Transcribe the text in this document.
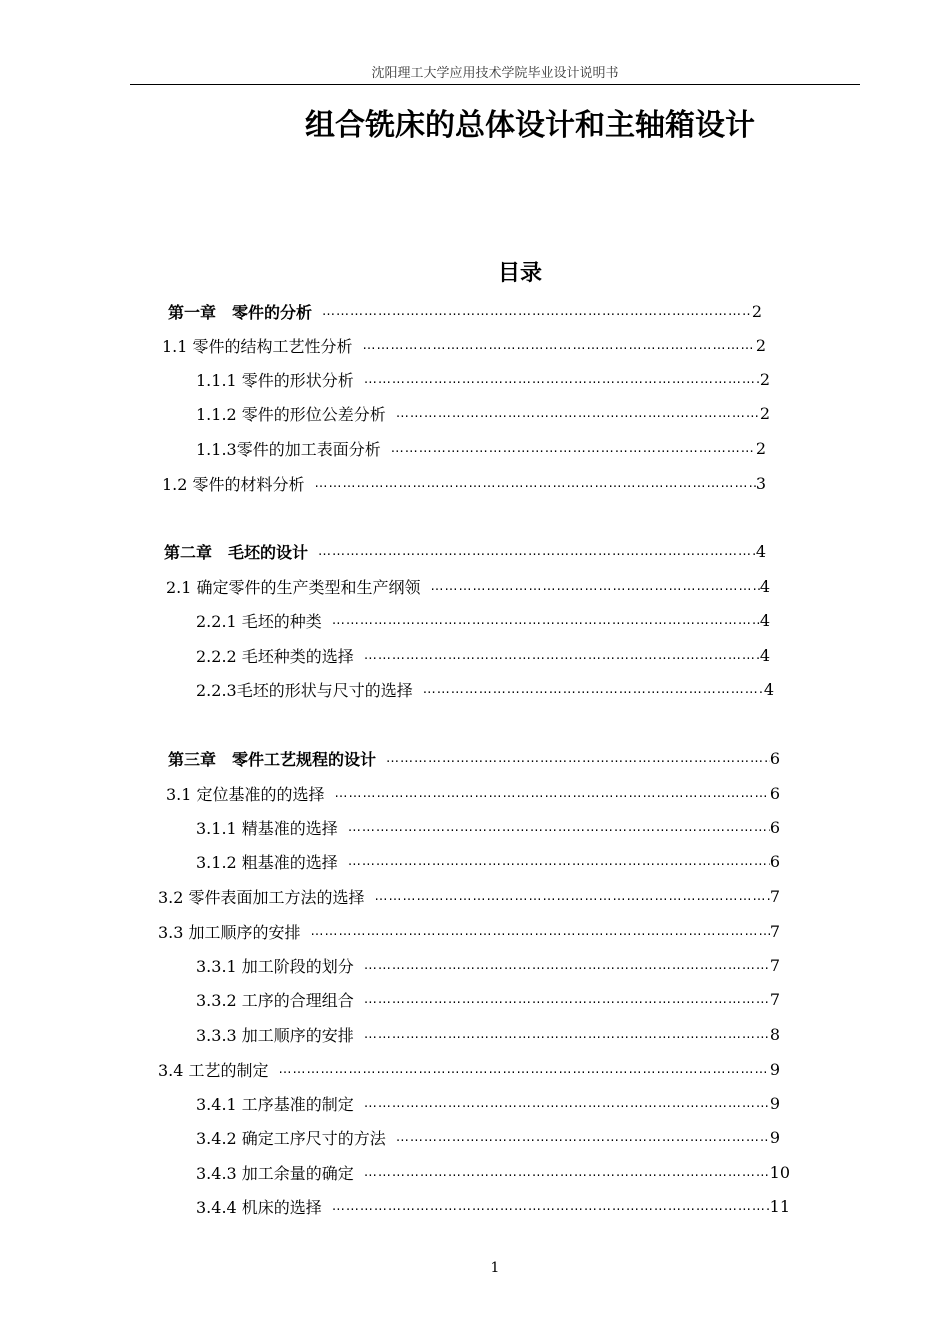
沈阳理工大学应用技术学院毕业设计说明书
组合铣床的总体设计和主轴箱设计
目录
第一章　零件的分析 ……………………………………………………………………………………………………………………………………	2
1.1 零件的结构工艺性分析 ……………………………………………………………………………………………………………………………………	2
1.1.1 零件的形状分析 ……………………………………………………………………………………………………………………………………	2
1.1.2 零件的形位公差分析 ……………………………………………………………………………………………………………………………………	2
1.1.3零件的加工表面分析 ……………………………………………………………………………………………………………………………………	2
1.2 零件的材料分析 ……………………………………………………………………………………………………………………………………	3
第二章　毛坯的设计 ……………………………………………………………………………………………………………………………………	4
2.1 确定零件的生产类型和生产纲领 ……………………………………………………………………………………………………………………………………	4
2.2.1 毛坯的种类 ……………………………………………………………………………………………………………………………………	4
2.2.2 毛坯种类的选择 ……………………………………………………………………………………………………………………………………	4
2.2.3毛坯的形状与尺寸的选择 ……………………………………………………………………………………………………………………………………	4
第三章　零件工艺规程的设计 ……………………………………………………………………………………………………………………………………	6
3.1 定位基准的的选择 ……………………………………………………………………………………………………………………………………	6
3.1.1 精基准的选择 ……………………………………………………………………………………………………………………………………	6
3.1.2 粗基准的选择 ……………………………………………………………………………………………………………………………………	6
3.2 零件表面加工方法的选择 ……………………………………………………………………………………………………………………………………	7
3.3 加工顺序的安排 ……………………………………………………………………………………………………………………………………	7
3.3.1 加工阶段的划分 ……………………………………………………………………………………………………………………………………	7
3.3.2 工序的合理组合 ……………………………………………………………………………………………………………………………………	7
3.3.3 加工顺序的安排 ……………………………………………………………………………………………………………………………………	8
3.4 工艺的制定 ……………………………………………………………………………………………………………………………………	9
3.4.1 工序基准的制定 ……………………………………………………………………………………………………………………………………	9
3.4.2 确定工序尺寸的方法 ……………………………………………………………………………………………………………………………………	9
3.4.3 加工余量的确定 ……………………………………………………………………………………………………………………………………	10
3.4.4 机床的选择 ……………………………………………………………………………………………………………………………………	11
1
